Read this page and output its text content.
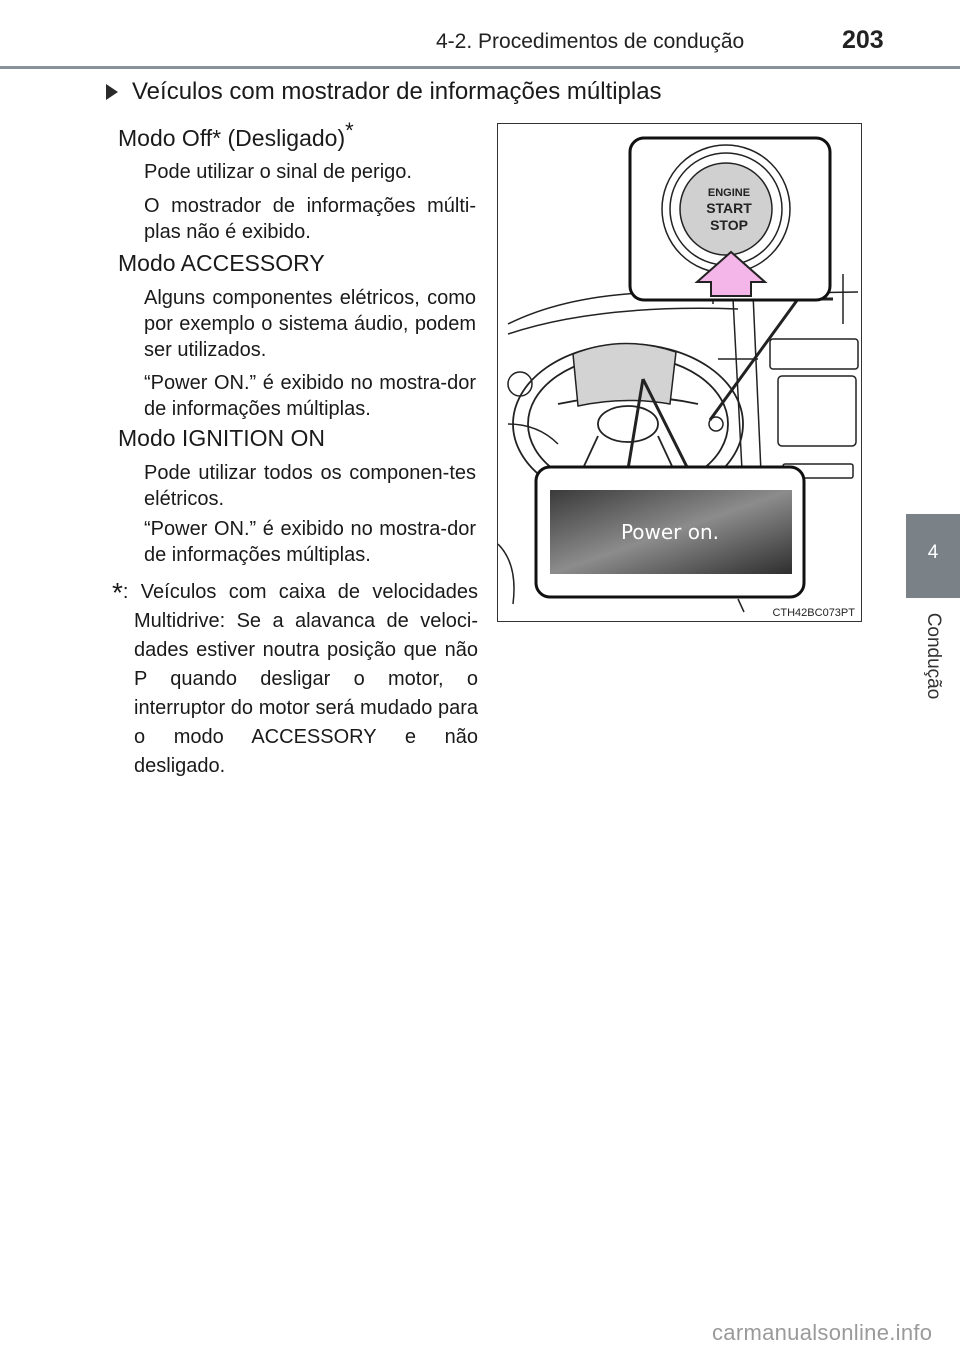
4-2. Procedimentos de condução	203
4
Condução
Veículos com mostrador de informações múltiplas
Modo Off* (Desligado)*
Pode utilizar o sinal de perigo.
O mostrador de informações múlti-plas não é exibido.
Modo ACCESSORY
Alguns componentes elétricos, como por exemplo o sistema áudio, podem ser utilizados.
“Power ON.” é exibido no mostra-dor de informações múltiplas.
Modo IGNITION ON
Pode utilizar todos os componen-tes elétricos.
“Power ON.” é exibido no mostra-dor de informações múltiplas.
*: Veículos com caixa de velocidades Multidrive: Se a alavanca de veloci-dades estiver noutra posição que não P quando desligar o motor, o interruptor do motor será mudado para o modo ACCESSORY e não desligado.
ENGINE
START
STOP
Power on.
CTH42BC073PT
carmanualsonline.info
